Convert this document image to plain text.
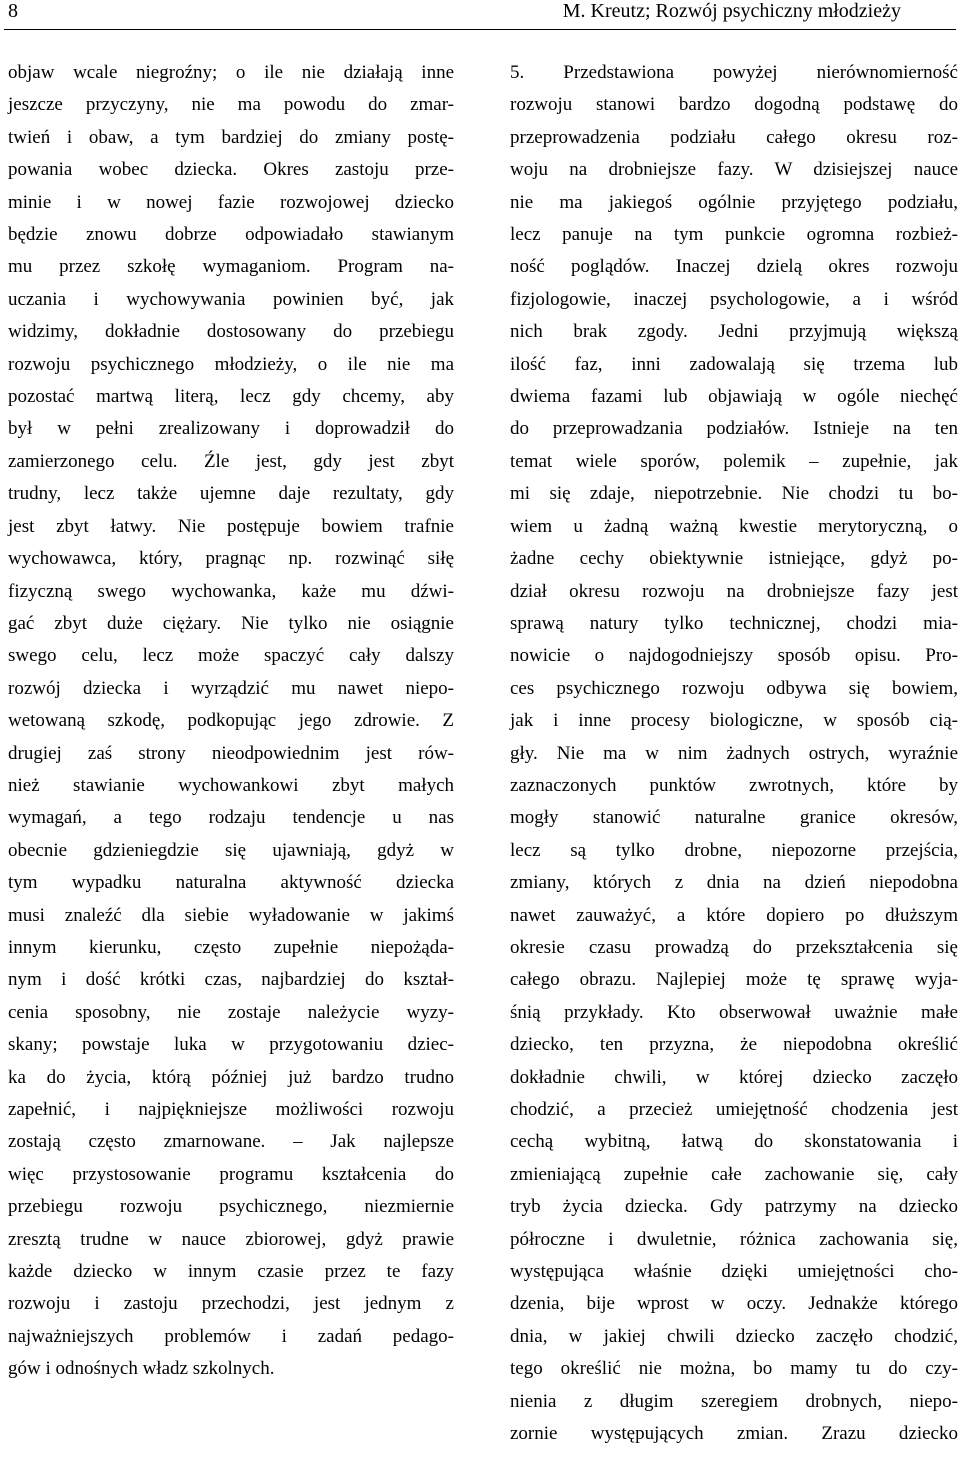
8	M. Kreutz; Rozwój psychiczny młodzieży
objaw wcale niegroźny; o ile nie działają inne
jeszcze przyczyny, nie ma powodu do zmar-
twień i obaw, a tym bardziej do zmiany postę-
powania wobec dziecka. Okres zastoju prze-
minie i w nowej fazie rozwojowej dziecko
będzie znowu dobrze odpowiadało stawianym
mu przez szkołę wymaganiom. Program na-
uczania i wychowywania powinien być, jak
widzimy, dokładnie dostosowany do przebiegu
rozwoju psychicznego młodzieży, o ile nie ma
pozostać martwą literą, lecz gdy chcemy, aby
był w pełni zrealizowany i doprowadził do
zamierzonego celu. Źle jest, gdy jest zbyt
trudny, lecz także ujemne daje rezultaty, gdy
jest zbyt łatwy. Nie postępuje bowiem trafnie
wychowawca, który, pragnąc np. rozwinąć siłę
fizyczną swego wychowanka, każe mu dźwi-
gać zbyt duże ciężary. Nie tylko nie osiągnie
swego celu, lecz może spaczyć cały dalszy
rozwój dziecka i wyrządzić mu nawet niepo-
wetowaną szkodę, podkopując jego zdrowie. Z
drugiej zaś strony nieodpowiednim jest rów-
nież stawianie wychowankowi zbyt małych
wymagań, a tego rodzaju tendencje u nas
obecnie gdzieniegdzie się ujawniają, gdyż w
tym wypadku naturalna aktywność dziecka
musi znaleźć dla siebie wyładowanie w jakimś
innym kierunku, często zupełnie niepożąda-
nym i dość krótki czas, najbardziej do kształ-
cenia sposobny, nie zostaje należycie wyzy-
skany; powstaje luka w przygotowaniu dziec-
ka do życia, którą później już bardzo trudno
zapełnić, i najpiękniejsze możliwości rozwoju
zostają często zmarnowane. – Jak najlepsze
więc przystosowanie programu kształcenia do
przebiegu rozwoju psychicznego, niezmiernie
zresztą trudne w nauce zbiorowej, gdyż prawie
każde dziecko w innym czasie przez te fazy
rozwoju i zastoju przechodzi, jest jednym z
najważniejszych problemów i zadań pedago-
gów i odnośnych władz szkolnych.
5. Przedstawiona powyżej nierównomierność
rozwoju stanowi bardzo dogodną podstawę do
przeprowadzenia podziału całego okresu roz-
woju na drobniejsze fazy. W dzisiejszej nauce
nie ma jakiegoś ogólnie przyjętego podziału,
lecz panuje na tym punkcie ogromna rozbież-
ność poglądów. Inaczej dzielą okres rozwoju
fizjologowie, inaczej psychologowie, a i wśród
nich brak zgody. Jedni przyjmują większą
ilość faz, inni zadowalają się trzema lub
dwiema fazami lub objawiają w ogóle niechęć
do przeprowadzania podziałów. Istnieje na ten
temat wiele sporów, polemik – zupełnie, jak
mi się zdaje, niepotrzebnie. Nie chodzi tu bo-
wiem u żadną ważną kwestie merytoryczną, o
żadne cechy obiektywnie istniejące, gdyż po-
dział okresu rozwoju na drobniejsze fazy jest
sprawą natury tylko technicznej, chodzi mia-
nowicie o najdogodniejszy sposób opisu. Pro-
ces psychicznego rozwoju odbywa się bowiem,
jak i inne procesy biologiczne, w sposób cią-
gły. Nie ma w nim żadnych ostrych, wyraźnie
zaznaczonych punktów zwrotnych, które by
mogły stanowić naturalne granice okresów,
lecz są tylko drobne, niepozorne przejścia,
zmiany, których z dnia na dzień niepodobna
nawet zauważyć, a które dopiero po dłuższym
okresie czasu prowadzą do przekształcenia się
całego obrazu. Najlepiej może tę sprawę wyja-
śnią przykłady. Kto obserwował uważnie małe
dziecko, ten przyzna, że niepodobna określić
dokładnie chwili, w której dziecko zaczęło
chodzić, a przecież umiejętność chodzenia jest
cechą wybitną, łatwą do skonstatowania i
zmieniającą zupełnie całe zachowanie się, cały
tryb życia dziecka. Gdy patrzymy na dziecko
półroczne i dwuletnie, różnica zachowania się,
występująca właśnie dzięki umiejętności cho-
dzenia, bije wprost w oczy. Jednakże którego
dnia, w jakiej chwili dziecko zaczęło chodzić,
tego określić nie można, bo mamy tu do czy-
nienia z długim szeregiem drobnych, niepo-
zornie występujących zmian. Zrazu dziecko
